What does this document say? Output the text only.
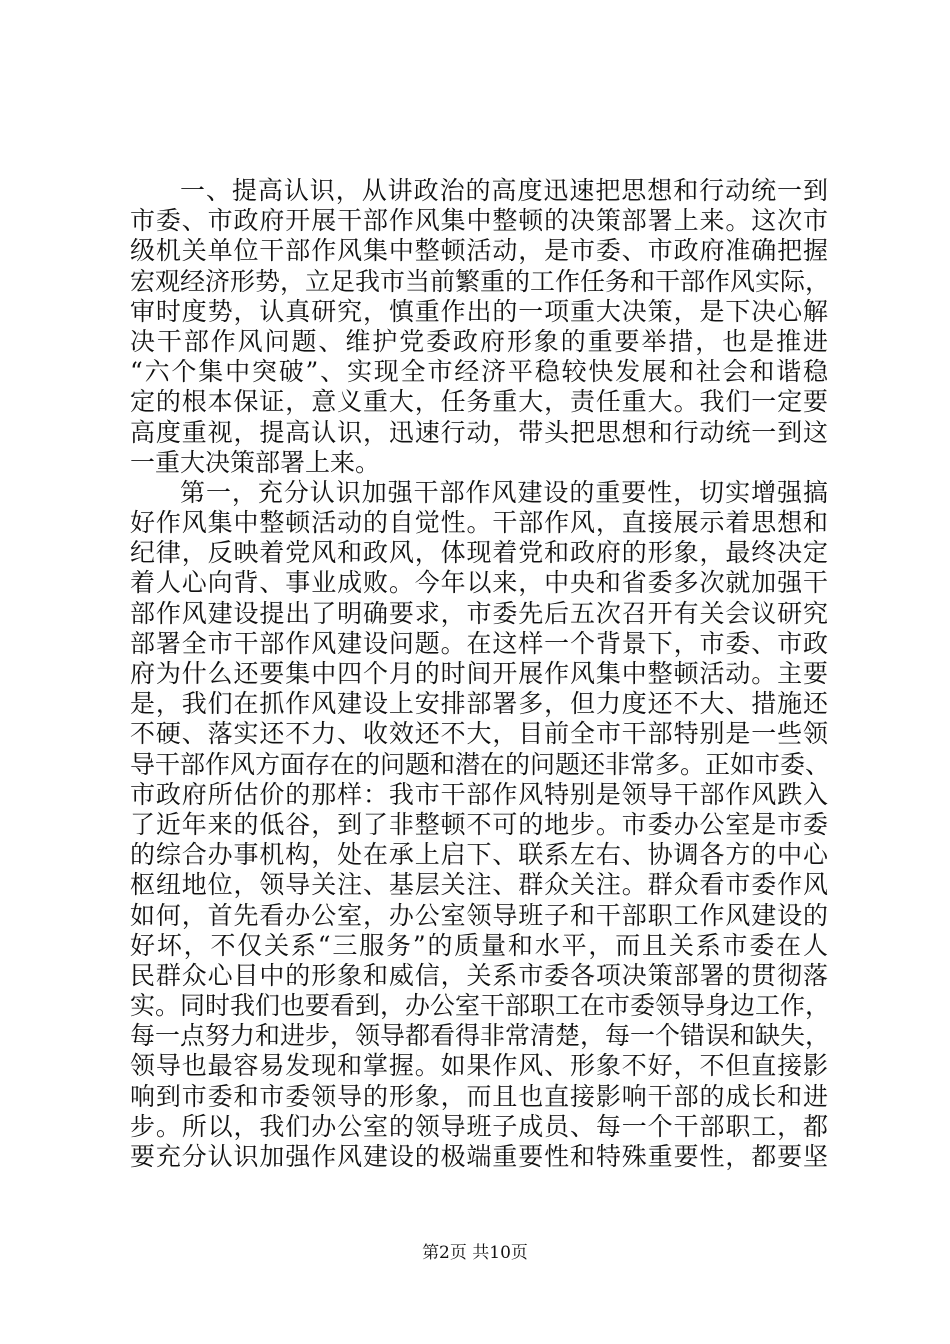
一、提高认识，从讲政治的高度迅速把思想和行动统一到
市委、市政府开展干部作风集中整顿的决策部署上来。这次市
级机关单位干部作风集中整顿活动，是市委、市政府准确把握
宏观经济形势，立足我市当前繁重的工作任务和干部作风实际，
审时度势，认真研究，慎重作出的一项重大决策，是下决心解
决干部作风问题、维护党委政府形象的重要举措，也是推进
“六个集中突破”、实现全市经济平稳较快发展和社会和谐稳
定的根本保证，意义重大，任务重大，责任重大。我们一定要
高度重视，提高认识，迅速行动，带头把思想和行动统一到这
一重大决策部署上来。
第一，充分认识加强干部作风建设的重要性，切实增强搞
好作风集中整顿活动的自觉性。干部作风，直接展示着思想和
纪律，反映着党风和政风，体现着党和政府的形象，最终决定
着人心向背、事业成败。今年以来，中央和省委多次就加强干
部作风建设提出了明确要求，市委先后五次召开有关会议研究
部署全市干部作风建设问题。在这样一个背景下，市委、市政
府为什么还要集中四个月的时间开展作风集中整顿活动。主要
是，我们在抓作风建设上安排部署多，但力度还不大、措施还
不硬、落实还不力、收效还不大，目前全市干部特别是一些领
导干部作风方面存在的问题和潜在的问题还非常多。正如市委、
市政府所估价的那样：我市干部作风特别是领导干部作风跌入
了近年来的低谷，到了非整顿不可的地步。市委办公室是市委
的综合办事机构，处在承上启下、联系左右、协调各方的中心
枢纽地位，领导关注、基层关注、群众关注。群众看市委作风
如何，首先看办公室，办公室领导班子和干部职工作风建设的
好坏，不仅关系“三服务”的质量和水平，而且关系市委在人
民群众心目中的形象和威信，关系市委各项决策部署的贯彻落
实。同时我们也要看到，办公室干部职工在市委领导身边工作，
每一点努力和进步，领导都看得非常清楚，每一个错误和缺失，
领导也最容易发现和掌握。如果作风、形象不好，不但直接影
响到市委和市委领导的形象，而且也直接影响干部的成长和进
步。所以，我们办公室的领导班子成员、每一个干部职工，都
要充分认识加强作风建设的极端重要性和特殊重要性，都要坚
第2页 共10页
